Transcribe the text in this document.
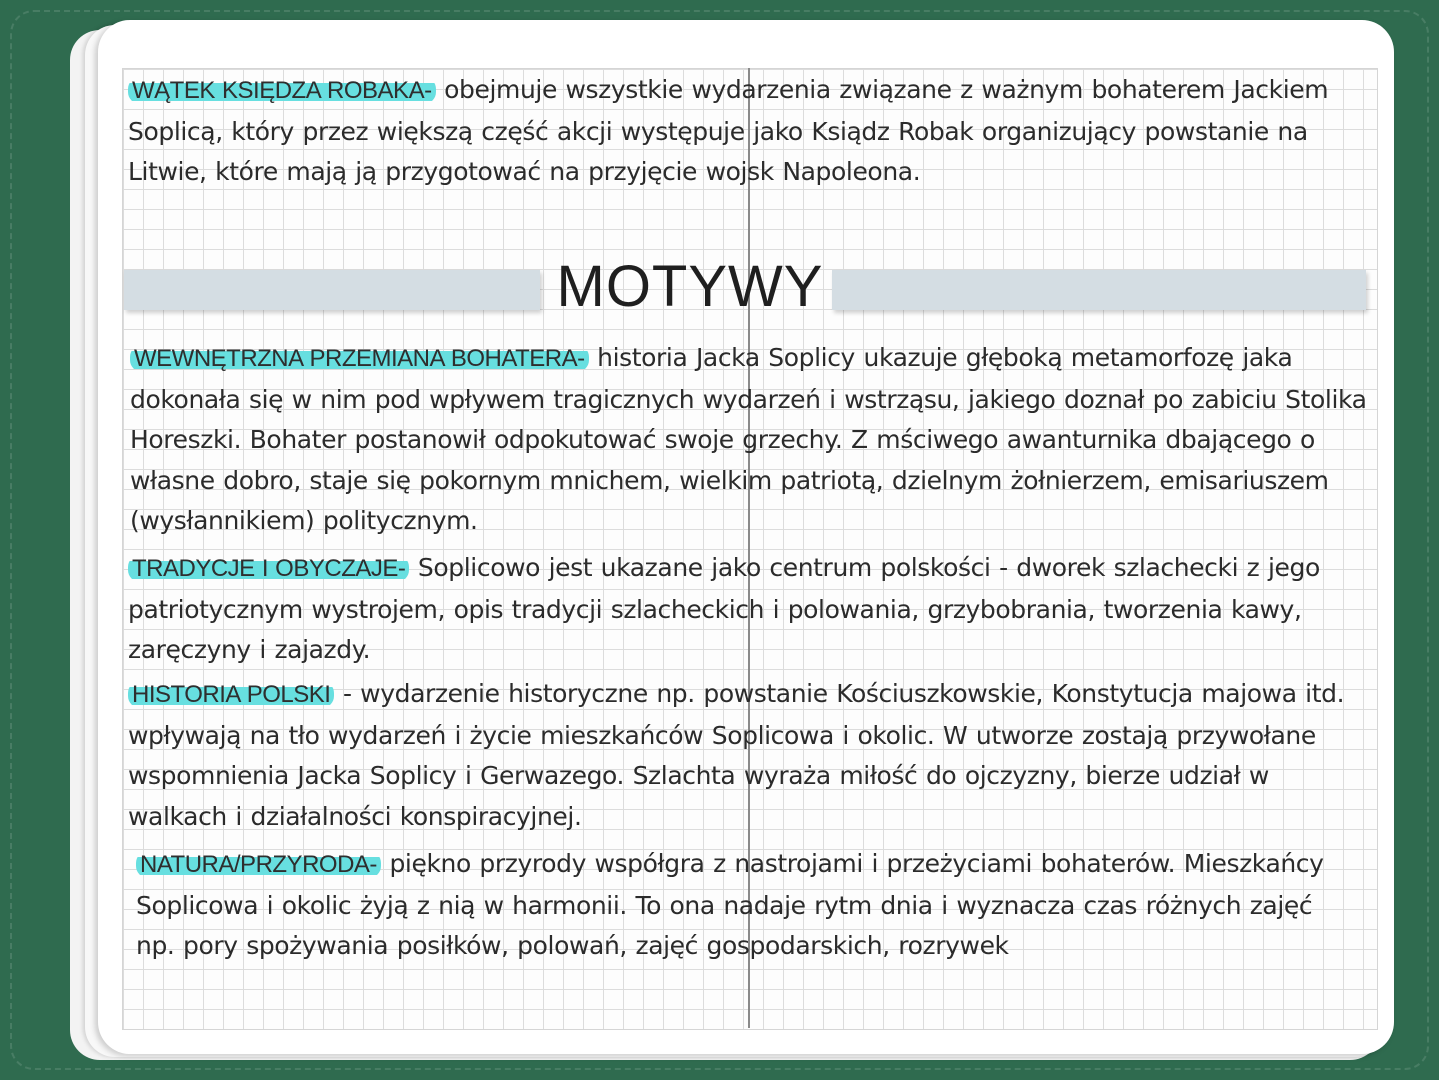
WĄTEK KSIĘDZA ROBAKA- obejmuje wszystkie wydarzenia związane z ważnym bohaterem Jackiem Soplicą, który przez większą część akcji występuje jako Ksiądz Robak organizujący powstanie na Litwie, które mają ją przygotować na przyjęcie wojsk Napoleona.
MOTYWY
WEWNĘTRZNA PRZEMIANA BOHATERA- historia Jacka Soplicy ukazuje głęboką metamorfozę jaka dokonała się w nim pod wpływem tragicznych wydarzeń i wstrząsu, jakiego doznał po zabiciu Stolika Horeszki. Bohater postanowił odpokutować swoje grzechy. Z mściwego awanturnika dbającego o własne dobro, staje się pokornym mnichem, wielkim patriotą, dzielnym żołnierzem, emisariuszem (wysłannikiem) politycznym.
TRADYCJE I OBYCZAJE- Soplicowo jest ukazane jako centrum polskości - dworek szlachecki z jego patriotycznym wystrojem, opis tradycji szlacheckich i polowania, grzybobrania, tworzenia kawy, zaręczyny i zajazdy.
HISTORIA POLSKI - wydarzenie historyczne np. powstanie Kościuszkowskie, Konstytucja majowa itd. wpływają na tło wydarzeń i życie mieszkańców Soplicowa i okolic. W utworze zostają przywołane wspomnienia Jacka Soplicy i Gerwazego. Szlachta wyraża miłość do ojczyzny, bierze udział w walkach i działalności konspiracyjnej.
NATURA/PRZYRODA- piękno przyrody współgra z nastrojami i przeżyciami bohaterów. Mieszkańcy Soplicowa i okolic żyją z nią w harmonii. To ona nadaje rytm dnia i wyznacza czas różnych zajęć np. pory spożywania posiłków, polowań, zajęć gospodarskich, rozrywek
